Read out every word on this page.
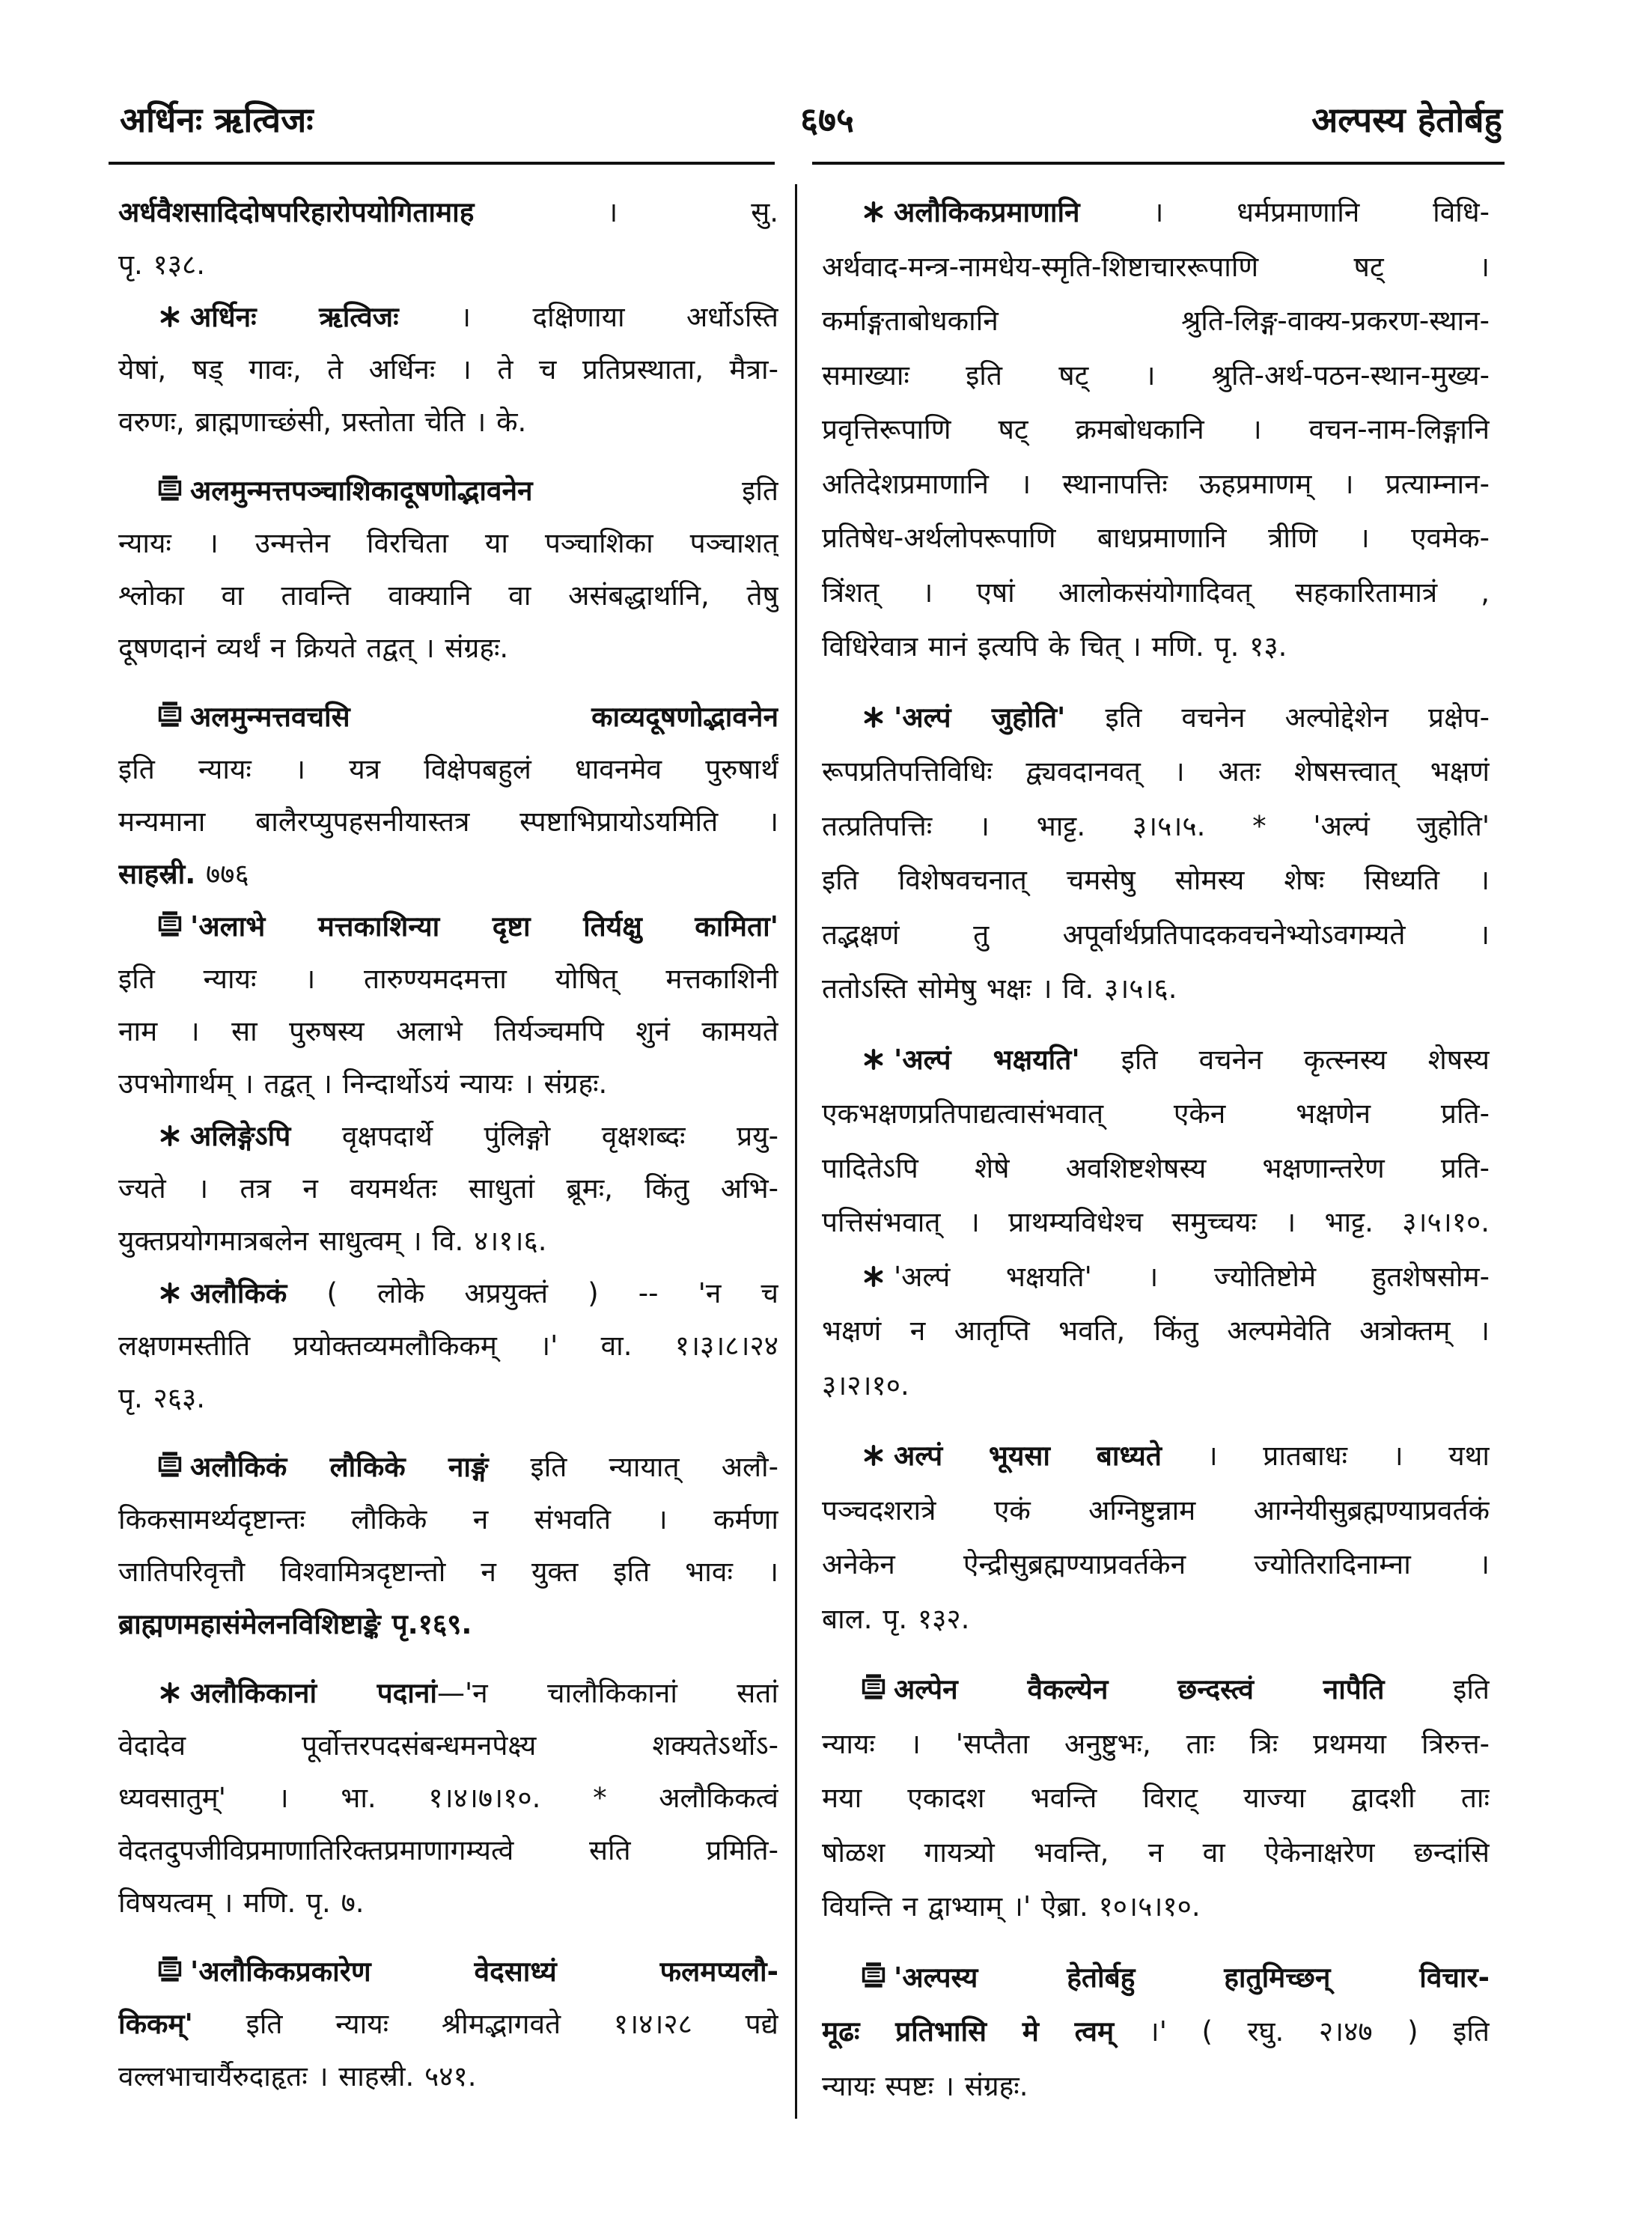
अर्धिनः ऋत्विजः	६७५	अल्पस्य हेतोर्बहु
अर्धवैशसादिदोषपरिहारोपयोगितामाह । सु.
पृ. १३८.
अर्धिनः ऋत्विजः । दक्षिणाया अर्धोऽस्ति
येषां, षड् गावः, ते अर्धिनः । ते च प्रतिप्रस्थाता, मैत्रा-
वरुणः, ब्राह्मणाच्छंसी, प्रस्तोता चेति । के.
अलमुन्मत्तपञ्चाशिकादूषणोद्भावनेन इति
न्यायः । उन्मत्तेन विरचिता या पञ्चाशिका पञ्चाशत्
श्लोका वा तावन्ति वाक्यानि वा असंबद्धार्थानि, तेषु
दूषणदानं व्यर्थं न क्रियते तद्वत् । संग्रहः.
अलमुन्मत्तवचसि काव्यदूषणोद्भावनेन
इति न्यायः । यत्र विक्षेपबहुलं धावनमेव पुरुषार्थं
मन्यमाना बालैरप्युपहसनीयास्तत्र स्पष्टाभिप्रायोऽयमिति ।
साहस्री. ७७६
'अलाभे मत्तकाशिन्या दृष्टा तिर्यक्षु कामिता'
इति न्यायः । तारुण्यमदमत्ता योषित् मत्तकाशिनी
नाम । सा पुरुषस्य अलाभे तिर्यञ्चमपि शुनं कामयते
उपभोगार्थम् । तद्वत् । निन्दार्थोऽयं न्यायः । संग्रहः.
अलिङ्गेऽपि वृक्षपदार्थे पुंलिङ्गो वृक्षशब्दः प्रयु-
ज्यते । तत्र न वयमर्थतः साधुतां ब्रूमः, किंतु अभि-
युक्तप्रयोगमात्रबलेन साधुत्वम् । वि. ४।१।६.
अलौकिकं ( लोके अप्रयुक्तं ) -- 'न च
लक्षणमस्तीति प्रयोक्तव्यमलौकिकम् ।' वा. १।३।८।२४
पृ. २६३.
अलौकिकं लौकिके नाङ्गं इति न्यायात् अलौ-
किकसामर्थ्यदृष्टान्तः लौकिके न संभवति । कर्मणा
जातिपरिवृत्तौ विश्वामित्रदृष्टान्तो न युक्त इति भावः ।
ब्राह्मणमहासंमेलनविशिष्टाङ्के पृ.१६९.
अलौकिकानां पदानां—'न चालौकिकानां सतां
वेदादेव पूर्वोत्तरपदसंबन्धमनपेक्ष्य शक्यतेऽर्थोऽ-
ध्यवसातुम्' । भा. १।४।७।१०. * अलौकिकत्वं
वेदतदुपजीविप्रमाणातिरिक्तप्रमाणागम्यत्वे सति प्रमिति-
विषयत्वम् । मणि. पृ. ७.
'अलौकिकप्रकारेण वेदसाध्यं फलमप्यलौ-
किकम्' इति न्यायः श्रीमद्भागवते १।४।२८ पद्ये
वल्लभाचार्यैरुदाहृतः । साहस्री. ५४१.
अलौकिकप्रमाणानि । धर्मप्रमाणानि विधि-
अर्थवाद-मन्त्र-नामधेय-स्मृति-शिष्टाचाररूपाणि षट् ।
कर्माङ्गताबोधकानि श्रुति-लिङ्ग-वाक्य-प्रकरण-स्थान-
समाख्याः इति षट् । श्रुति-अर्थ-पठन-स्थान-मुख्य-
प्रवृत्तिरूपाणि षट् क्रमबोधकानि । वचन-नाम-लिङ्गानि
अतिदेशप्रमाणानि । स्थानापत्तिः ऊहप्रमाणम् । प्रत्याम्नान-
प्रतिषेध-अर्थलोपरूपाणि बाधप्रमाणानि त्रीणि । एवमेक-
त्रिंशत् । एषां आलोकसंयोगादिवत् सहकारितामात्रं ,
विधिरेवात्र मानं इत्यपि के चित् । मणि. पृ. १३.
'अल्पं जुहोति' इति वचनेन अल्पोद्देशेन प्रक्षेप-
रूपप्रतिपत्तिविधिः द्व्यवदानवत् । अतः शेषसत्त्वात् भक्षणं
तत्प्रतिपत्तिः । भाट्ट. ३।५।५. * 'अल्पं जुहोति'
इति विशेषवचनात् चमसेषु सोमस्य शेषः सिध्यति ।
तद्भक्षणं तु अपूर्वार्थप्रतिपादकवचनेभ्योऽवगम्यते ।
ततोऽस्ति सोमेषु भक्षः । वि. ३।५।६.
'अल्पं भक्षयति' इति वचनेन कृत्स्नस्य शेषस्य
एकभक्षणप्रतिपाद्यत्वासंभवात् एकेन भक्षणेन प्रति-
पादितेऽपि शेषे अवशिष्टशेषस्य भक्षणान्तरेण प्रति-
पत्तिसंभवात् । प्राथम्यविधेश्च समुच्चयः । भाट्ट. ३।५।१०.
'अल्पं भक्षयति' । ज्योतिष्टोमे हुतशेषसोम-
भक्षणं न आतृप्ति भवति, किंतु अल्पमेवेति अत्रोक्तम् ।
३।२।१०.
अल्पं भूयसा बाध्यते । प्रातबाधः । यथा
पञ्चदशरात्रे एकं अग्निष्टुन्नाम आग्नेयीसुब्रह्मण्याप्रवर्तकं
अनेकेन ऐन्द्रीसुब्रह्मण्याप्रवर्तकेन ज्योतिरादिनाम्ना ।
बाल. पृ. १३२.
अल्पेन वैकल्येन छन्दस्त्वं नापैति इति
न्यायः । 'सप्तैता अनुष्टुभः, ताः त्रिः प्रथमया त्रिरुत्त-
मया एकादश भवन्ति विराट् याज्या द्वादशी ताः
षोळश गायत्र्यो भवन्ति, न वा ऐकेनाक्षरेण छन्दांसि
वियन्ति न द्वाभ्याम् ।' ऐब्रा. १०।५।१०.
'अल्पस्य हेतोर्बहु हातुमिच्छन् विचार-
मूढः प्रतिभासि मे त्वम् ।' ( रघु. २।४७ ) इति
न्यायः स्पष्टः । संग्रहः.
